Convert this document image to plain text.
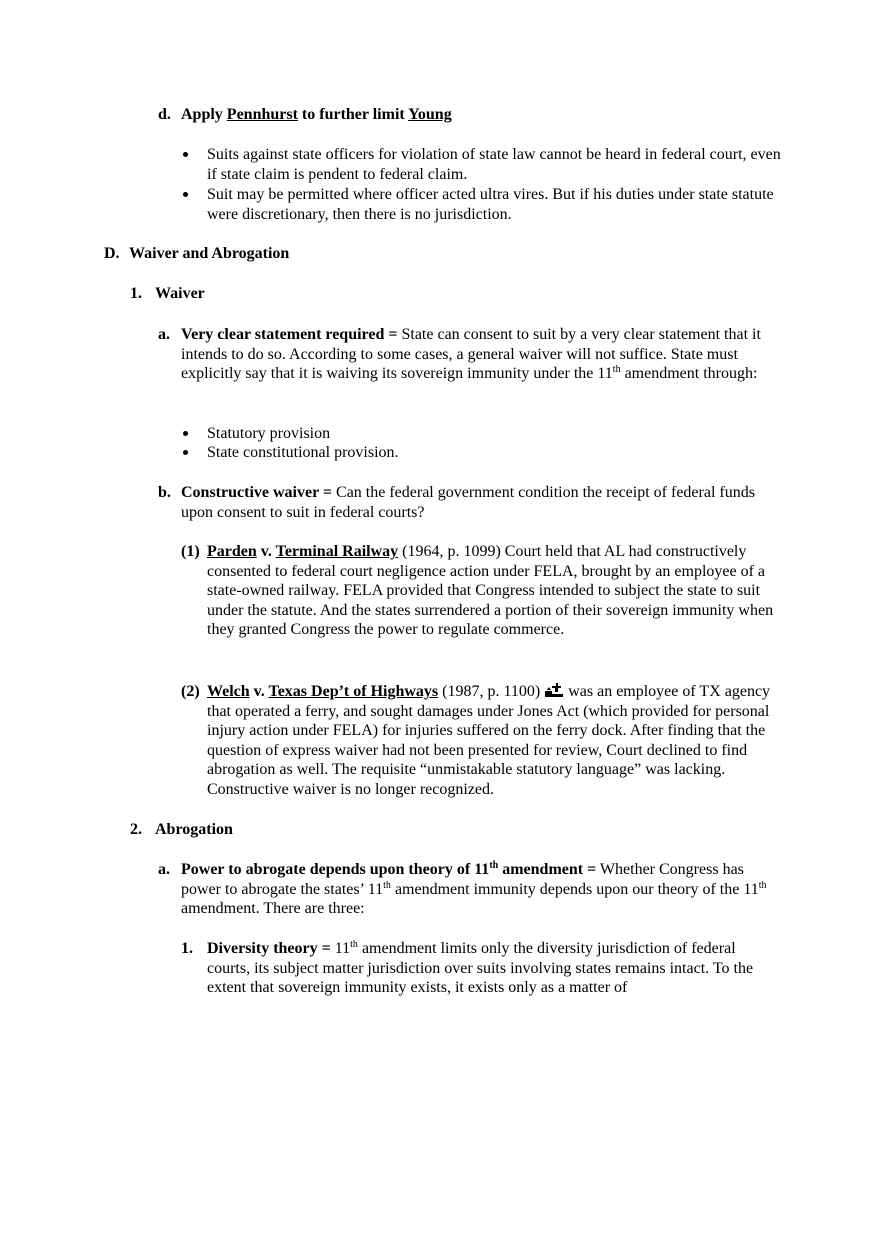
d. Apply Pennhurst to further limit Young
Suits against state officers for violation of state law cannot be heard in federal court, even if state claim is pendent to federal claim.
Suit may be permitted where officer acted ultra vires. But if his duties under state statute were discretionary, then there is no jurisdiction.
D. Waiver and Abrogation
1. Waiver
a. Very clear statement required = State can consent to suit by a very clear statement that it intends to do so. According to some cases, a general waiver will not suffice. State must explicitly say that it is waiving its sovereign immunity under the 11th amendment through:
Statutory provision
State constitutional provision.
b. Constructive waiver = Can the federal government condition the receipt of federal funds upon consent to suit in federal courts?
(1) Parden v. Terminal Railway (1964, p. 1099) Court held that AL had constructively consented to federal court negligence action under FELA, brought by an employee of a state-owned railway. FELA provided that Congress intended to subject the state to suit under the statute. And the states surrendered a portion of their sovereign immunity when they granted Congress the power to regulate commerce.
(2) Welch v. Texas Dep’t of Highways (1987, p. 1100)  was an employee of TX agency that operated a ferry, and sought damages under Jones Act (which provided for personal injury action under FELA) for injuries suffered on the ferry dock. After finding that the question of express waiver had not been presented for review, Court declined to find abrogation as well. The requisite “unmistakable statutory language” was lacking. Constructive waiver is no longer recognized.
2. Abrogation
a. Power to abrogate depends upon theory of 11th amendment = Whether Congress has power to abrogate the states’ 11th amendment immunity depends upon our theory of the 11th amendment. There are three:
1. Diversity theory = 11th amendment limits only the diversity jurisdiction of federal courts, its subject matter jurisdiction over suits involving states remains intact. To the extent that sovereign immunity exists, it exists only as a matter of
